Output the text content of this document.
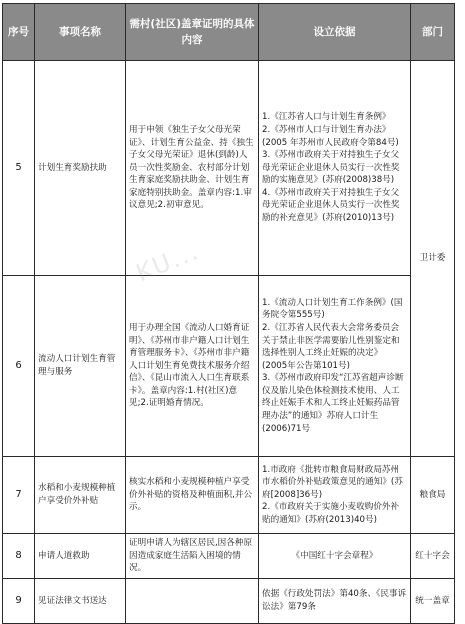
序号	事项名称	需村(社区)盖章证明的具体内容	设立依据	部门
5	计划生育奖励扶助	用于申领《独生子女父母光荣证》、计划生育公益金、持《独生子女父母光荣证》退休(到龄)人员一次性奖励金、农村部分计划生育家庭奖励扶助金、计划生育家庭特别扶助金。盖章内容:1.审议意见;2.初审意见。	1.《江苏省人口与计划生育条例》
2.《苏州市人口与计划生育办法》(2005 年苏州市人民政府令第84号)
3.《苏州市政府关于对持独生子女父母光荣证企业退休人员实行一次性奖励的实施意见》(苏府(2008)38号)
4.《苏州市政府关于对持独生子女父母光荣证企业退休人员实行一次性奖励的补充意见》(苏府(2010)13号)	卫计委
6	流动人口计划生育管理与服务	用于办理全国《流动人口婚育证明》、《苏州市非户籍人口计划生育管理服务卡》、《苏州市非户籍人口计划生育免费技术服务介绍信》、《昆山市流入人口生育联系卡》。盖章内容:1.村(社区)意见;2.证明婚育情况。	1.《流动人口计划生育工作条例》(国务院令第555号)
2.《江苏省人民代表大会常务委员会关于禁止非医学需要胎儿性别鉴定和选择性别人工终止妊娠的决定》(2005年公告第101号)
3.《苏州市政府印发“江苏省超声诊断仪及胎儿染色体检测技术使用、人工终止妊娠手术和人工终止妊娠药品管理办法”的通知》苏府人口计生(2006)71号	

7	水稻和小麦规模种植户享受价外补贴	核实水稻和小麦规模种植户享受价外补贴的资格及种植面积,并公示。	1.市政府《批转市粮食局财政局苏州市水稻价外补贴政策意见的通知》(苏府[2008]36号)
2.《市政府关于实施小麦收购价外补贴的通知》(苏府(2013)40号)	粮食局
8	申请人道救助	证明申请人为辖区居民,因各种原因造成家庭生活陷入困境的情况。	《中国红十字会章程》	红十字会
9	见证法律文书送达		依据《行政处罚法》第40条、《民事诉讼法》第79条	统一盖章
KU...
